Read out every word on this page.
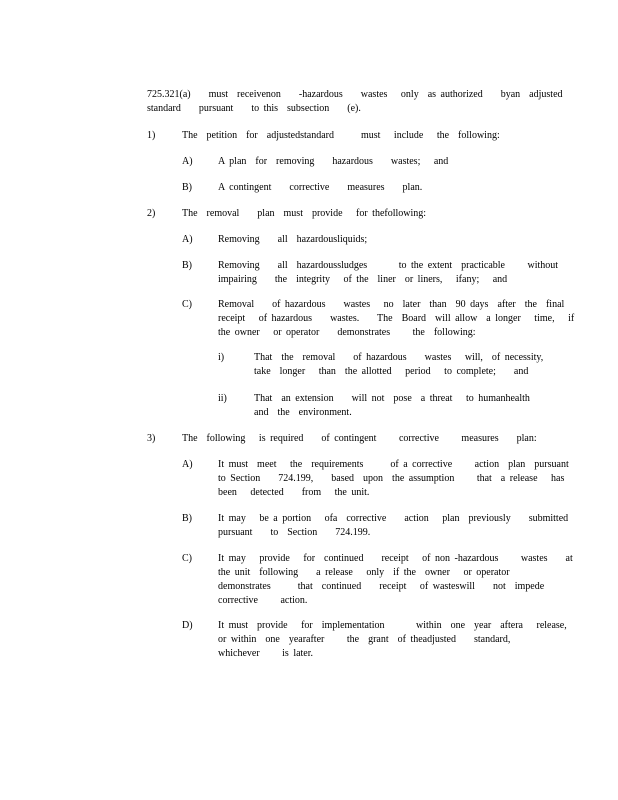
725.321(a)    must  receivenon    -hazardous    wastes   only  as authorized    byan  adjusted
standard    pursuant    to this  subsection    (e).
1)	The  petition  for  adjustedstandard      must   include   the  following:
A)	A plan  for  removing    hazardous    wastes;   and
B)	A contingent    corrective    measures    plan.
2)	The  removal    plan  must  provide   for thefollowing:
A)	Removing    all  hazardousliquids;
B)	Removing    all  hazardoussludges       to the extent  practicable     without
impairing    the  integrity   of the  liner  or liners,   ifany;   and
C)	Removal    of hazardous    wastes   no  later  than  90 days  after  the  final
receipt   of hazardous    wastes.    The  Board  will allow  a longer   time,   if
the owner   or operator    demonstrates     the  following:
i)	That  the  removal    of hazardous    wastes   will,  of necessity,
take  longer   than  the allotted   period   to complete;    and
ii)	That  an extension    will not  pose  a threat   to humanhealth
and  the  environment.
3)	The  following   is required    of contingent     corrective     measures    plan:
A)	It must  meet   the  requirements      of a corrective     action  plan  pursuant
to Section    724.199,    based  upon  the assumption     that  a release   has
been   detected    from   the unit.
B)	It may   be a portion   ofa  corrective    action   plan  previously    submitted
pursuant    to  Section    724.199.
C)	It may   provide   for  continued    receipt   of non -hazardous     wastes    at
the unit  following    a release   only  if the  owner   or operator
demonstrates      that  continued    receipt   of wasteswill    not  impede
corrective     action.
D)	It must  provide   for  implementation       within  one  year  aftera   release,
or within  one  yearafter     the  grant  of theadjusted    standard,
whichever     is later.
